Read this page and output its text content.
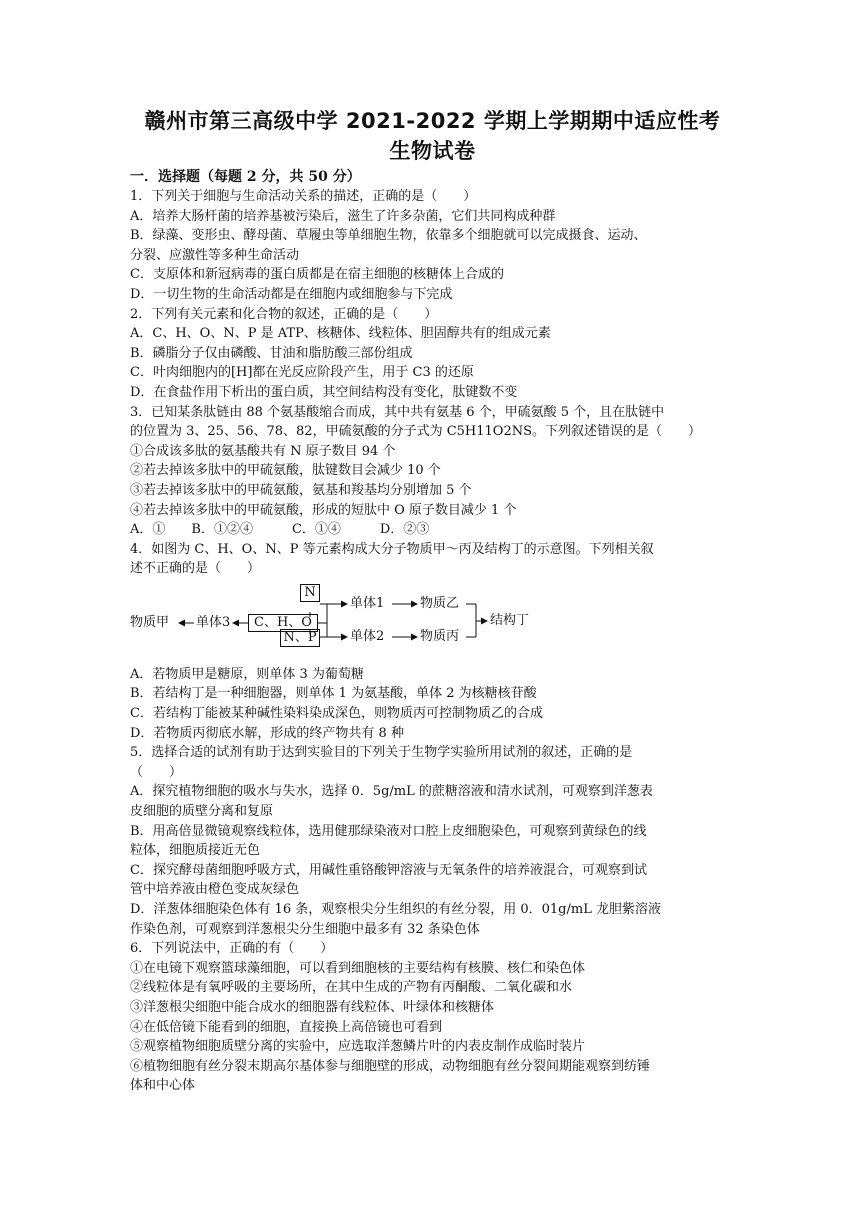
赣州市第三高级中学 2021-2022 学期上学期期中适应性考
生物试卷
一．选择题（每题 2 分，共 50 分）
1．下列关于细胞与生命活动关系的描述，正确的是（　　）
A．培养大肠杆菌的培养基被污染后，滋生了许多杂菌，它们共同构成种群
B．绿藻、变形虫、酵母菌、草履虫等单细胞生物，依靠多个细胞就可以完成摄食、运动、
分裂、应激性等多种生命活动
C．支原体和新冠病毒的蛋白质都是在宿主细胞的核糖体上合成的
D．一切生物的生命活动都是在细胞内或细胞参与下完成
2．下列有关元素和化合物的叙述，正确的是（　　）
A．C、H、O、N、P 是 ATP、核糖体、线粒体、胆固醇共有的组成元素
B．磷脂分子仅由磷酸、甘油和脂肪酸三部份组成
C．叶肉细胞内的[H]都在光反应阶段产生，用于 C3 的还原
D．在食盐作用下析出的蛋白质，其空间结构没有变化，肽键数不变
3．已知某条肽链由 88 个氨基酸缩合而成，其中共有氨基 6 个，甲硫氨酸 5 个，且在肽链中
的位置为 3、25、56、78、82，甲硫氨酸的分子式为 C5H11O2NS。下列叙述错误的是（　　）
①合成该多肽的氨基酸共有 N 原子数目 94 个
②若去掉该多肽中的甲硫氨酸，肽键数目会减少 10 个
③若去掉该多肽中的甲硫氨酸，氨基和羧基均分别增加 5 个
④若去掉该多肽中的甲硫氨酸，形成的短肽中 O 原子数目减少 1 个
A．①　　B．①②④　　　C．①④　　　D．②③
4．如图为 C、H、O、N、P 等元素构成大分子物质甲～丙及结构丁的示意图。下列相关叙
述不正确的是（　　）
N
C、H、O
N、P
物质甲 单体3
单体1
单体2
物质乙
物质丙
结构丁
A．若物质甲是糖原，则单体 3 为葡萄糖
B．若结构丁是一种细胞器，则单体 1 为氨基酸，单体 2 为核糖核苷酸
C．若结构丁能被某种碱性染料染成深色，则物质丙可控制物质乙的合成
D．若物质丙彻底水解，形成的终产物共有 8 种
5．选择合适的试剂有助于达到实验目的下列关于生物学实验所用试剂的叙述，正确的是
（　　）
A．探究植物细胞的吸水与失水，选择 0．5g/mL 的蔗糖溶液和清水试剂，可观察到洋葱表
皮细胞的质壁分离和复原
B．用高倍显微镜观察线粒体，选用健那绿染液对口腔上皮细胞染色，可观察到黄绿色的线
粒体，细胞质接近无色
C．探究酵母菌细胞呼吸方式，用碱性重铬酸钾溶液与无氧条件的培养液混合，可观察到试
管中培养液由橙色变成灰绿色
D．洋葱体细胞染色体有 16 条，观察根尖分生组织的有丝分裂，用 0．01g/mL 龙胆紫溶液
作染色剂，可观察到洋葱根尖分生细胞中最多有 32 条染色体
6．下列说法中，正确的有（　　）
①在电镜下观察篮球藻细胞，可以看到细胞核的主要结构有核膜、核仁和染色体
②线粒体是有氧呼吸的主要场所，在其中生成的产物有丙酮酸、二氧化碳和水
③洋葱根尖细胞中能合成水的细胞器有线粒体、叶绿体和核糖体
④在低倍镜下能看到的细胞，直接换上高倍镜也可看到
⑤观察植物细胞质壁分离的实验中，应选取洋葱鳞片叶的内表皮制作成临时装片
⑥植物细胞有丝分裂末期高尔基体参与细胞壁的形成，动物细胞有丝分裂间期能观察到纺锤
体和中心体
